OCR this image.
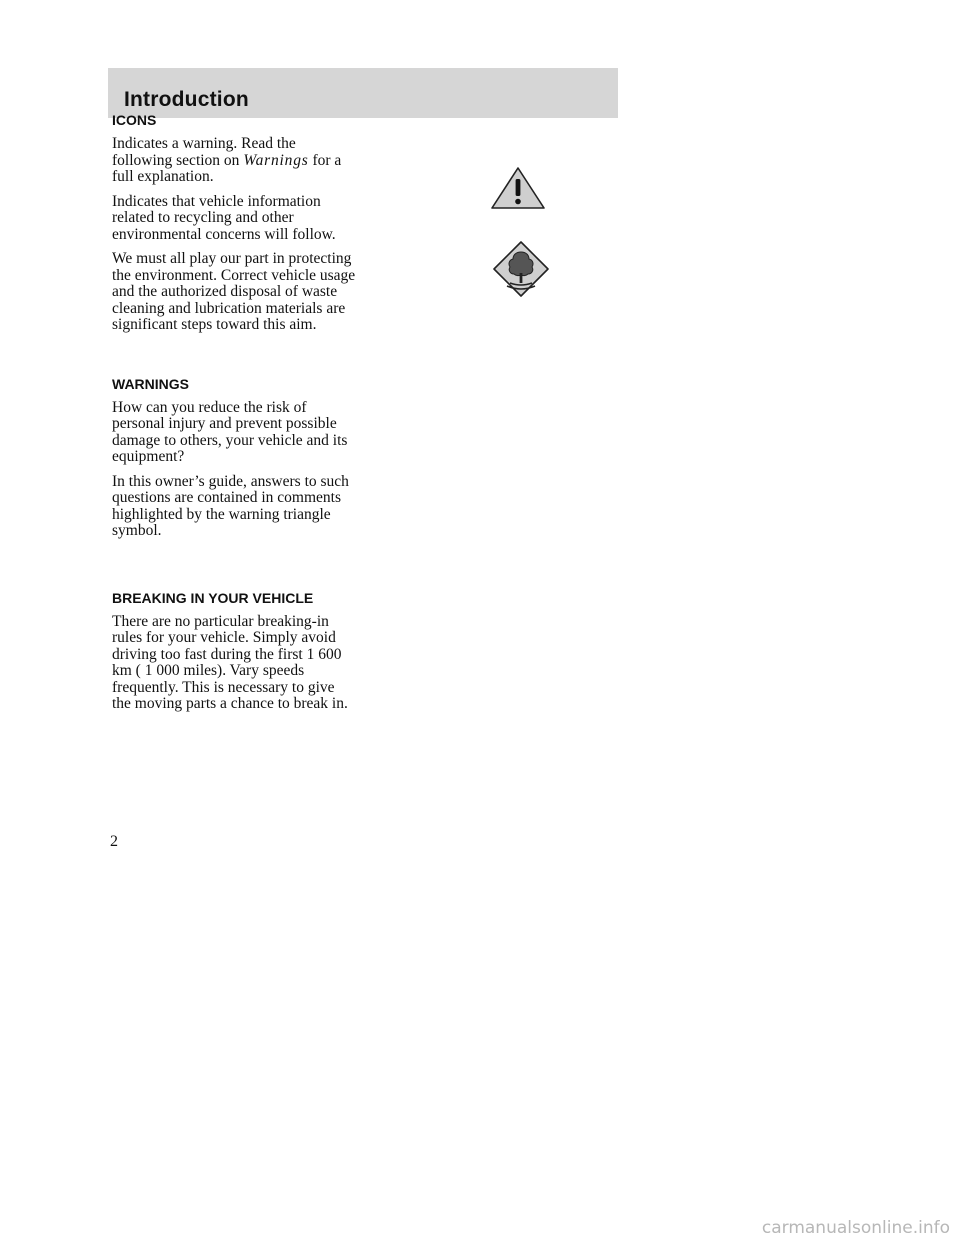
Introduction
ICONS

Indicates a warning. Read the following section on Warnings for a full explanation.

Indicates that vehicle information related to recycling and other environmental concerns will follow.

We must all play our part in protecting the environment. Correct vehicle usage and the authorized disposal of waste cleaning and lubrication materials are significant steps toward this aim.

WARNINGS

How can you reduce the risk of personal injury and prevent possible damage to others, your vehicle and its equipment?

In this owner’s guide, answers to such questions are contained in comments highlighted by the warning triangle symbol.

BREAKING IN YOUR VEHICLE

There are no particular breaking-in rules for your vehicle. Simply avoid driving too fast during the first 1 600 km ( 1 000 miles). Vary speeds frequently. This is necessary to give the moving parts a chance to break in.

2
carmanualsonline.info
